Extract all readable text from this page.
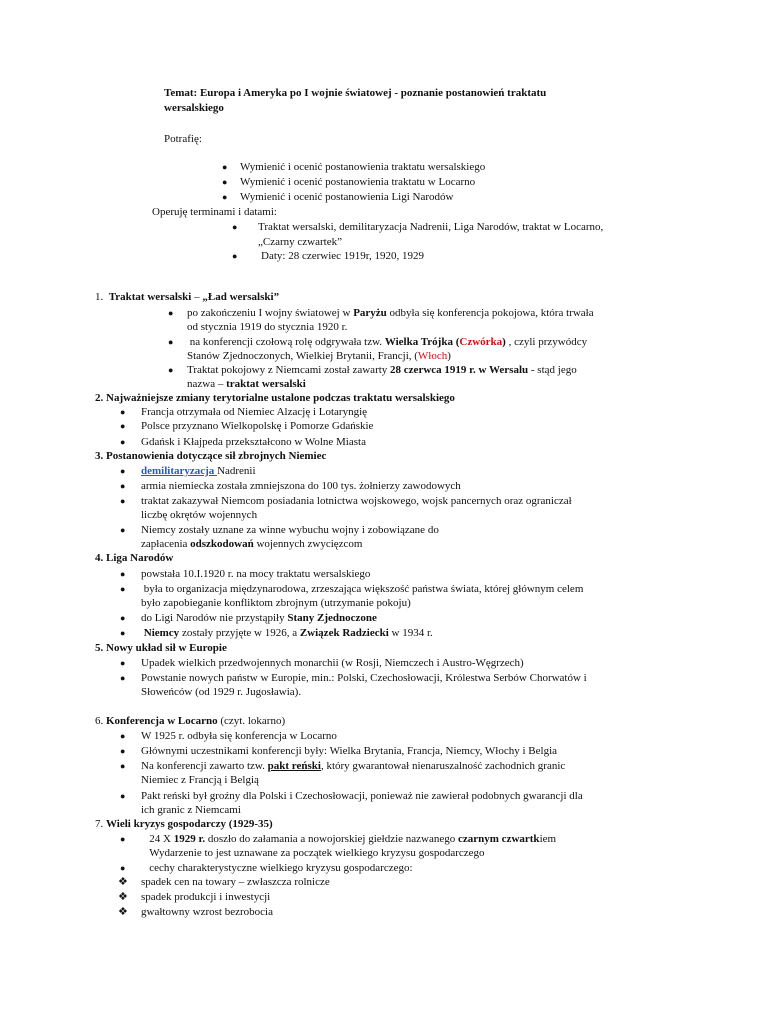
Temat: Europa i Ameryka po I wojnie światowej - poznanie postanowień traktatu
wersalskiego
Potrafię:
● Wymienić i ocenić postanowienia traktatu wersalskiego
● Wymienić i ocenić postanowienia traktatu w Locarno
● Wymienić i ocenić postanowienia Ligi Narodów
Operuję terminami i datami:
● Traktat wersalski, demilitaryzacja Nadrenii, Liga Narodów, traktat w Locarno,
„Czarny czwartek”
● Daty: 28 czerwiec 1919r, 1920, 1929
1. Traktat wersalski – „Ład wersalski”
● po zakończeniu I wojny światowej w Paryżu odbyła się konferencja pokojowa, która trwała
od stycznia 1919 do stycznia 1920 r.
● na konferencji czołową rolę odgrywała tzw. Wielka Trójka (Czwórka) , czyli przywódcy
Stanów Zjednoczonych, Wielkiej Brytanii, Francji, (Włoch)
● Traktat pokojowy z Niemcami został zawarty 28 czerwca 1919 r. w Wersalu - stąd jego
nazwa – traktat wersalski
2. Najważniejsze zmiany terytorialne ustalone podczas traktatu wersalskiego
● Francja otrzymała od Niemiec Alzację i Lotaryngię
● Polsce przyznano Wielkopolskę i Pomorze Gdańskie
● Gdańsk i Kłajpeda przekształcono w Wolne Miasta
3. Postanowienia dotyczące sił zbrojnych Niemiec
● demilitaryzacja Nadrenii
● armia niemiecka została zmniejszona do 100 tys. żołnierzy zawodowych
● traktat zakazywał Niemcom posiadania lotnictwa wojskowego, wojsk pancernych oraz ograniczał
liczbę okrętów wojennych
● Niemcy zostały uznane za winne wybuchu wojny i zobowiązane do
zapłacenia odszkodowań wojennych zwycięzcom
4. Liga Narodów
● powstała 10.I.1920 r. na mocy traktatu wersalskiego
● była to organizacja międzynarodowa, zrzeszająca większość państwa świata, której głównym celem
było zapobieganie konfliktom zbrojnym (utrzymanie pokoju)
● do Ligi Narodów nie przystąpiły Stany Zjednoczone
● Niemcy zostały przyjęte w 1926, a Związek Radziecki w 1934 r.
5. Nowy układ sił w Europie
● Upadek wielkich przedwojennych monarchii (w Rosji, Niemczech i Austro-Węgrzech)
● Powstanie nowych państw w Europie, min.: Polski, Czechosłowacji, Królestwa Serbów Chorwatów i
Słoweńców (od 1929 r. Jugosławia).
6. Konferencja w Locarno (czyt. lokarno)
● W 1925 r. odbyła się konferencja w Locarno
● Głównymi uczestnikami konferencji były: Wielka Brytania, Francja, Niemcy, Włochy i Belgia
● Na konferencji zawarto tzw. pakt reński, który gwarantował nienaruszalność zachodnich granic
Niemiec z Francją i Belgią
● Pakt reński był groźny dla Polski i Czechosłowacji, ponieważ nie zawierał podobnych gwarancji dla
ich granic z Niemcami
7. Wieli kryzys gospodarczy (1929-35)
●	24 X 1929 r. doszło do załamania a nowojorskiej giełdzie nazwanego czarnym czwartkiem
Wydarzenie to jest uznawane za początek wielkiego kryzysu gospodarczego
●	cechy charakterystyczne wielkiego kryzysu gospodarczego:
❖ spadek cen na towary – zwłaszcza rolnicze
❖ spadek produkcji i inwestycji
❖ gwałtowny wzrost bezrobocia
